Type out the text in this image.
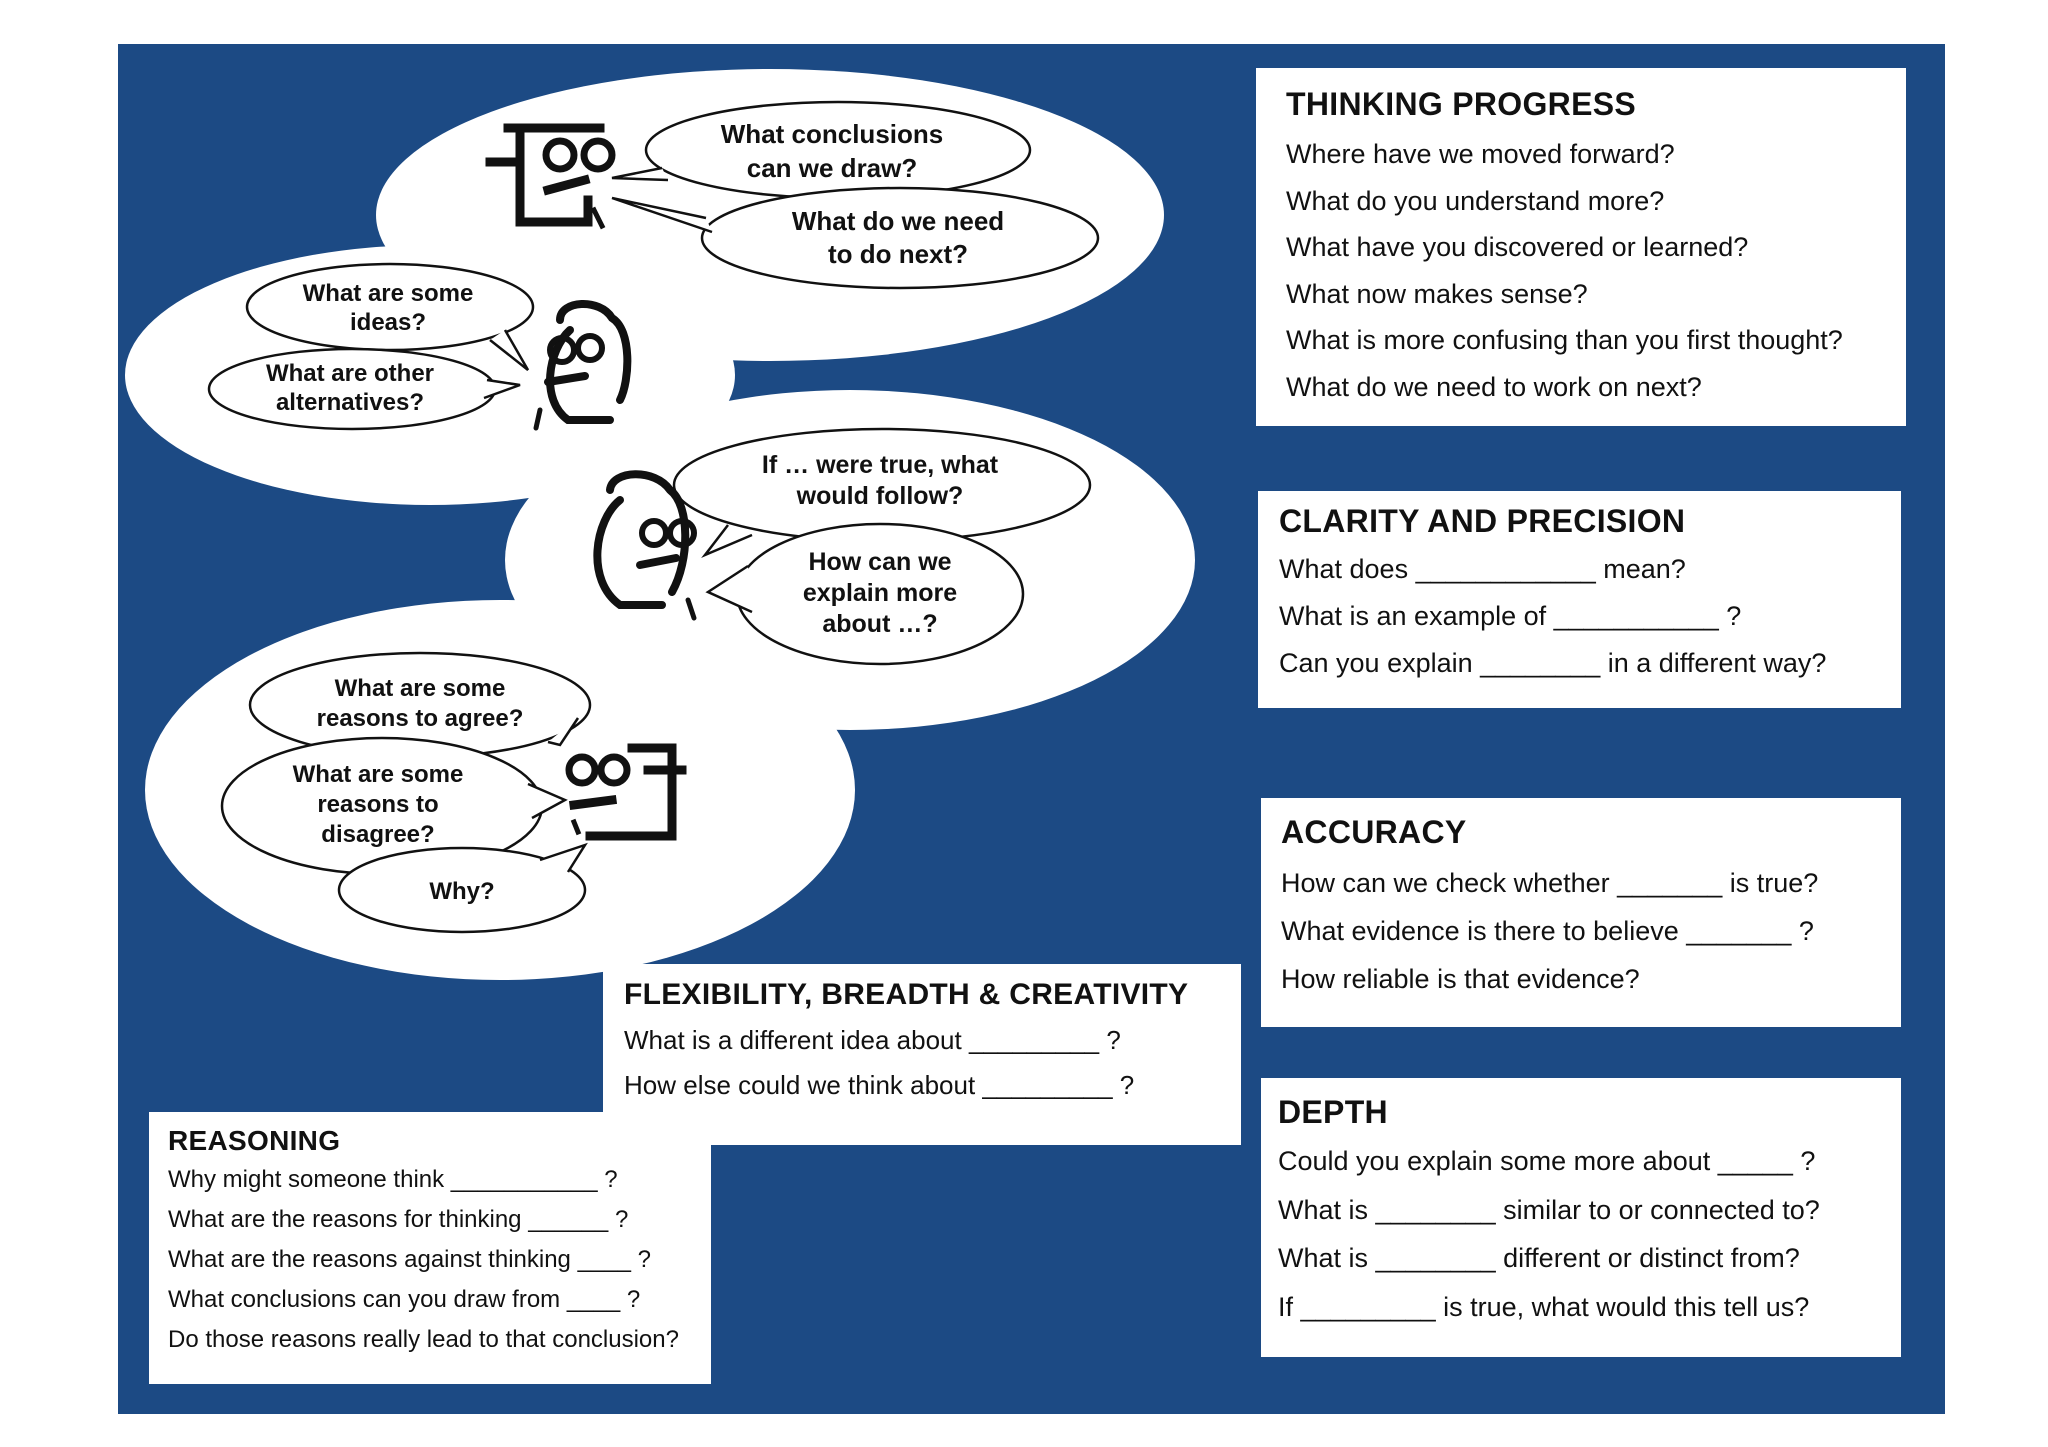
What conclusions
can we draw?
What do we need
to do next?
What are some
ideas?
What are other
alternatives?
If … were true, what
would follow?
How can we
explain more
about …?
What are some
reasons to agree?
What are some
reasons to
disagree?
Why?
THINKING PROGRESS
Where have we moved forward?
What do you understand more?
What have you discovered or learned?
What now makes sense?
What is more confusing than you first thought?
What do we need to work on next?
CLARITY AND PRECISION
What does ____________ mean?
What is an example of ___________ ?
Can you explain ________ in a different way?
ACCURACY
How can we check whether _______ is true?
What evidence is there to believe _______ ?
How reliable is that evidence?
DEPTH
Could you explain some more about _____ ?
What is ________ similar to or connected to?
What is ________ different or distinct from?
If _________ is true, what would this tell us?
FLEXIBILITY, BREADTH & CREATIVITY
What is a different idea about _________ ?
How else could we think about _________ ?
REASONING
Why might someone think ___________ ?
What are the reasons for thinking ______ ?
What are the reasons against thinking ____ ?
What conclusions can you draw from ____ ?
Do those reasons really lead to that conclusion?
